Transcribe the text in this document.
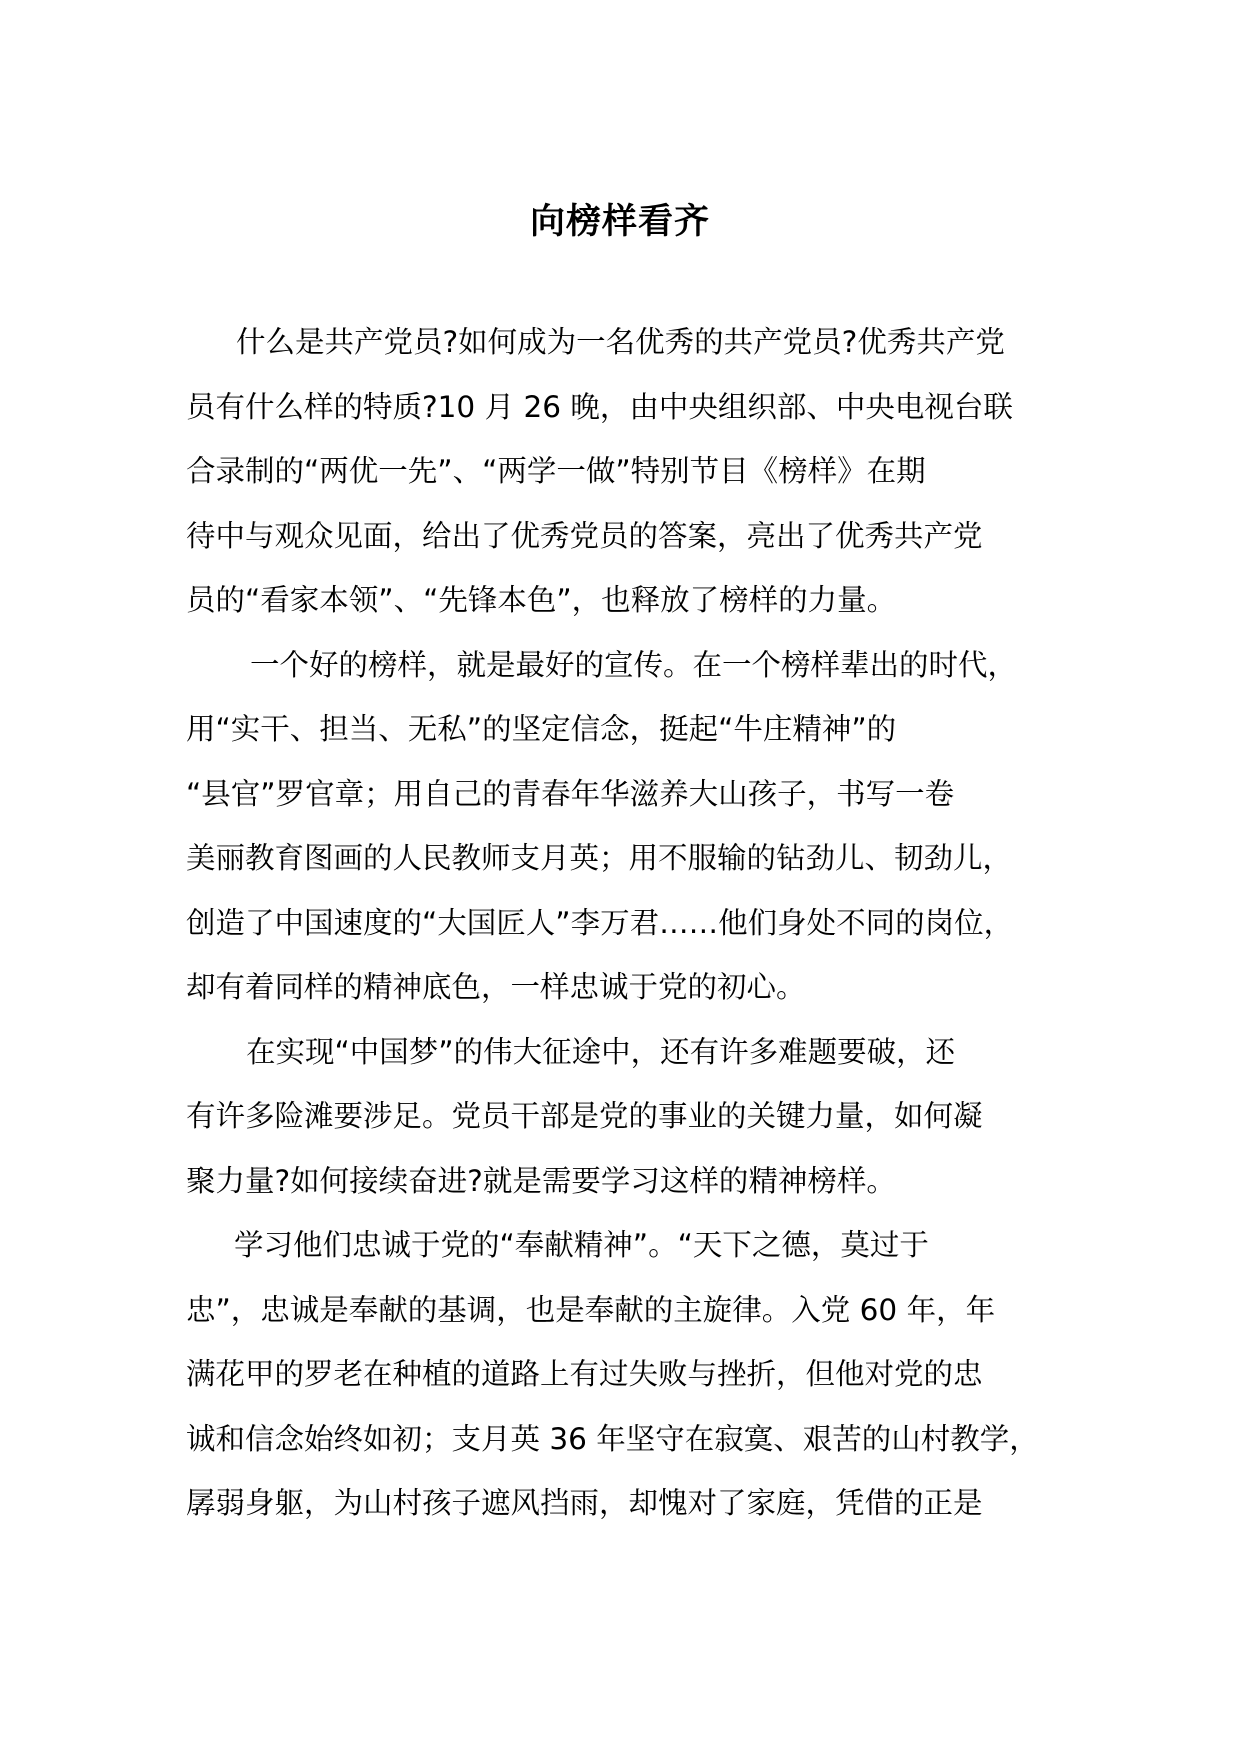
向榜样看齐
什么是共产党员?如何成为一名优秀的共产党员?优秀共产党
员有什么样的特质?10 月 26 晚，由中央组织部、中央电视台联
合录制的“两优一先”、“两学一做”特别节目《榜样》在期
待中与观众见面，给出了优秀党员的答案，亮出了优秀共产党
员的“看家本领”、“先锋本色”，也释放了榜样的力量。
一个好的榜样，就是最好的宣传。在一个榜样辈出的时代，
用“实干、担当、无私”的坚定信念，挺起“牛庄精神”的
“县官”罗官章；用自己的青春年华滋养大山孩子，书写一卷
美丽教育图画的人民教师支月英；用不服输的钻劲儿、韧劲儿，
创造了中国速度的“大国匠人”李万君……他们身处不同的岗位，
却有着同样的精神底色，一样忠诚于党的初心。
在实现“中国梦”的伟大征途中，还有许多难题要破，还
有许多险滩要涉足。党员干部是党的事业的关键力量，如何凝
聚力量?如何接续奋进?就是需要学习这样的精神榜样。
学习他们忠诚于党的“奉献精神”。“天下之德，莫过于
忠”，忠诚是奉献的基调，也是奉献的主旋律。入党 60 年，年
满花甲的罗老在种植的道路上有过失败与挫折，但他对党的忠
诚和信念始终如初；支月英 36 年坚守在寂寞、艰苦的山村教学，
孱弱身躯，为山村孩子遮风挡雨，却愧对了家庭，凭借的正是
